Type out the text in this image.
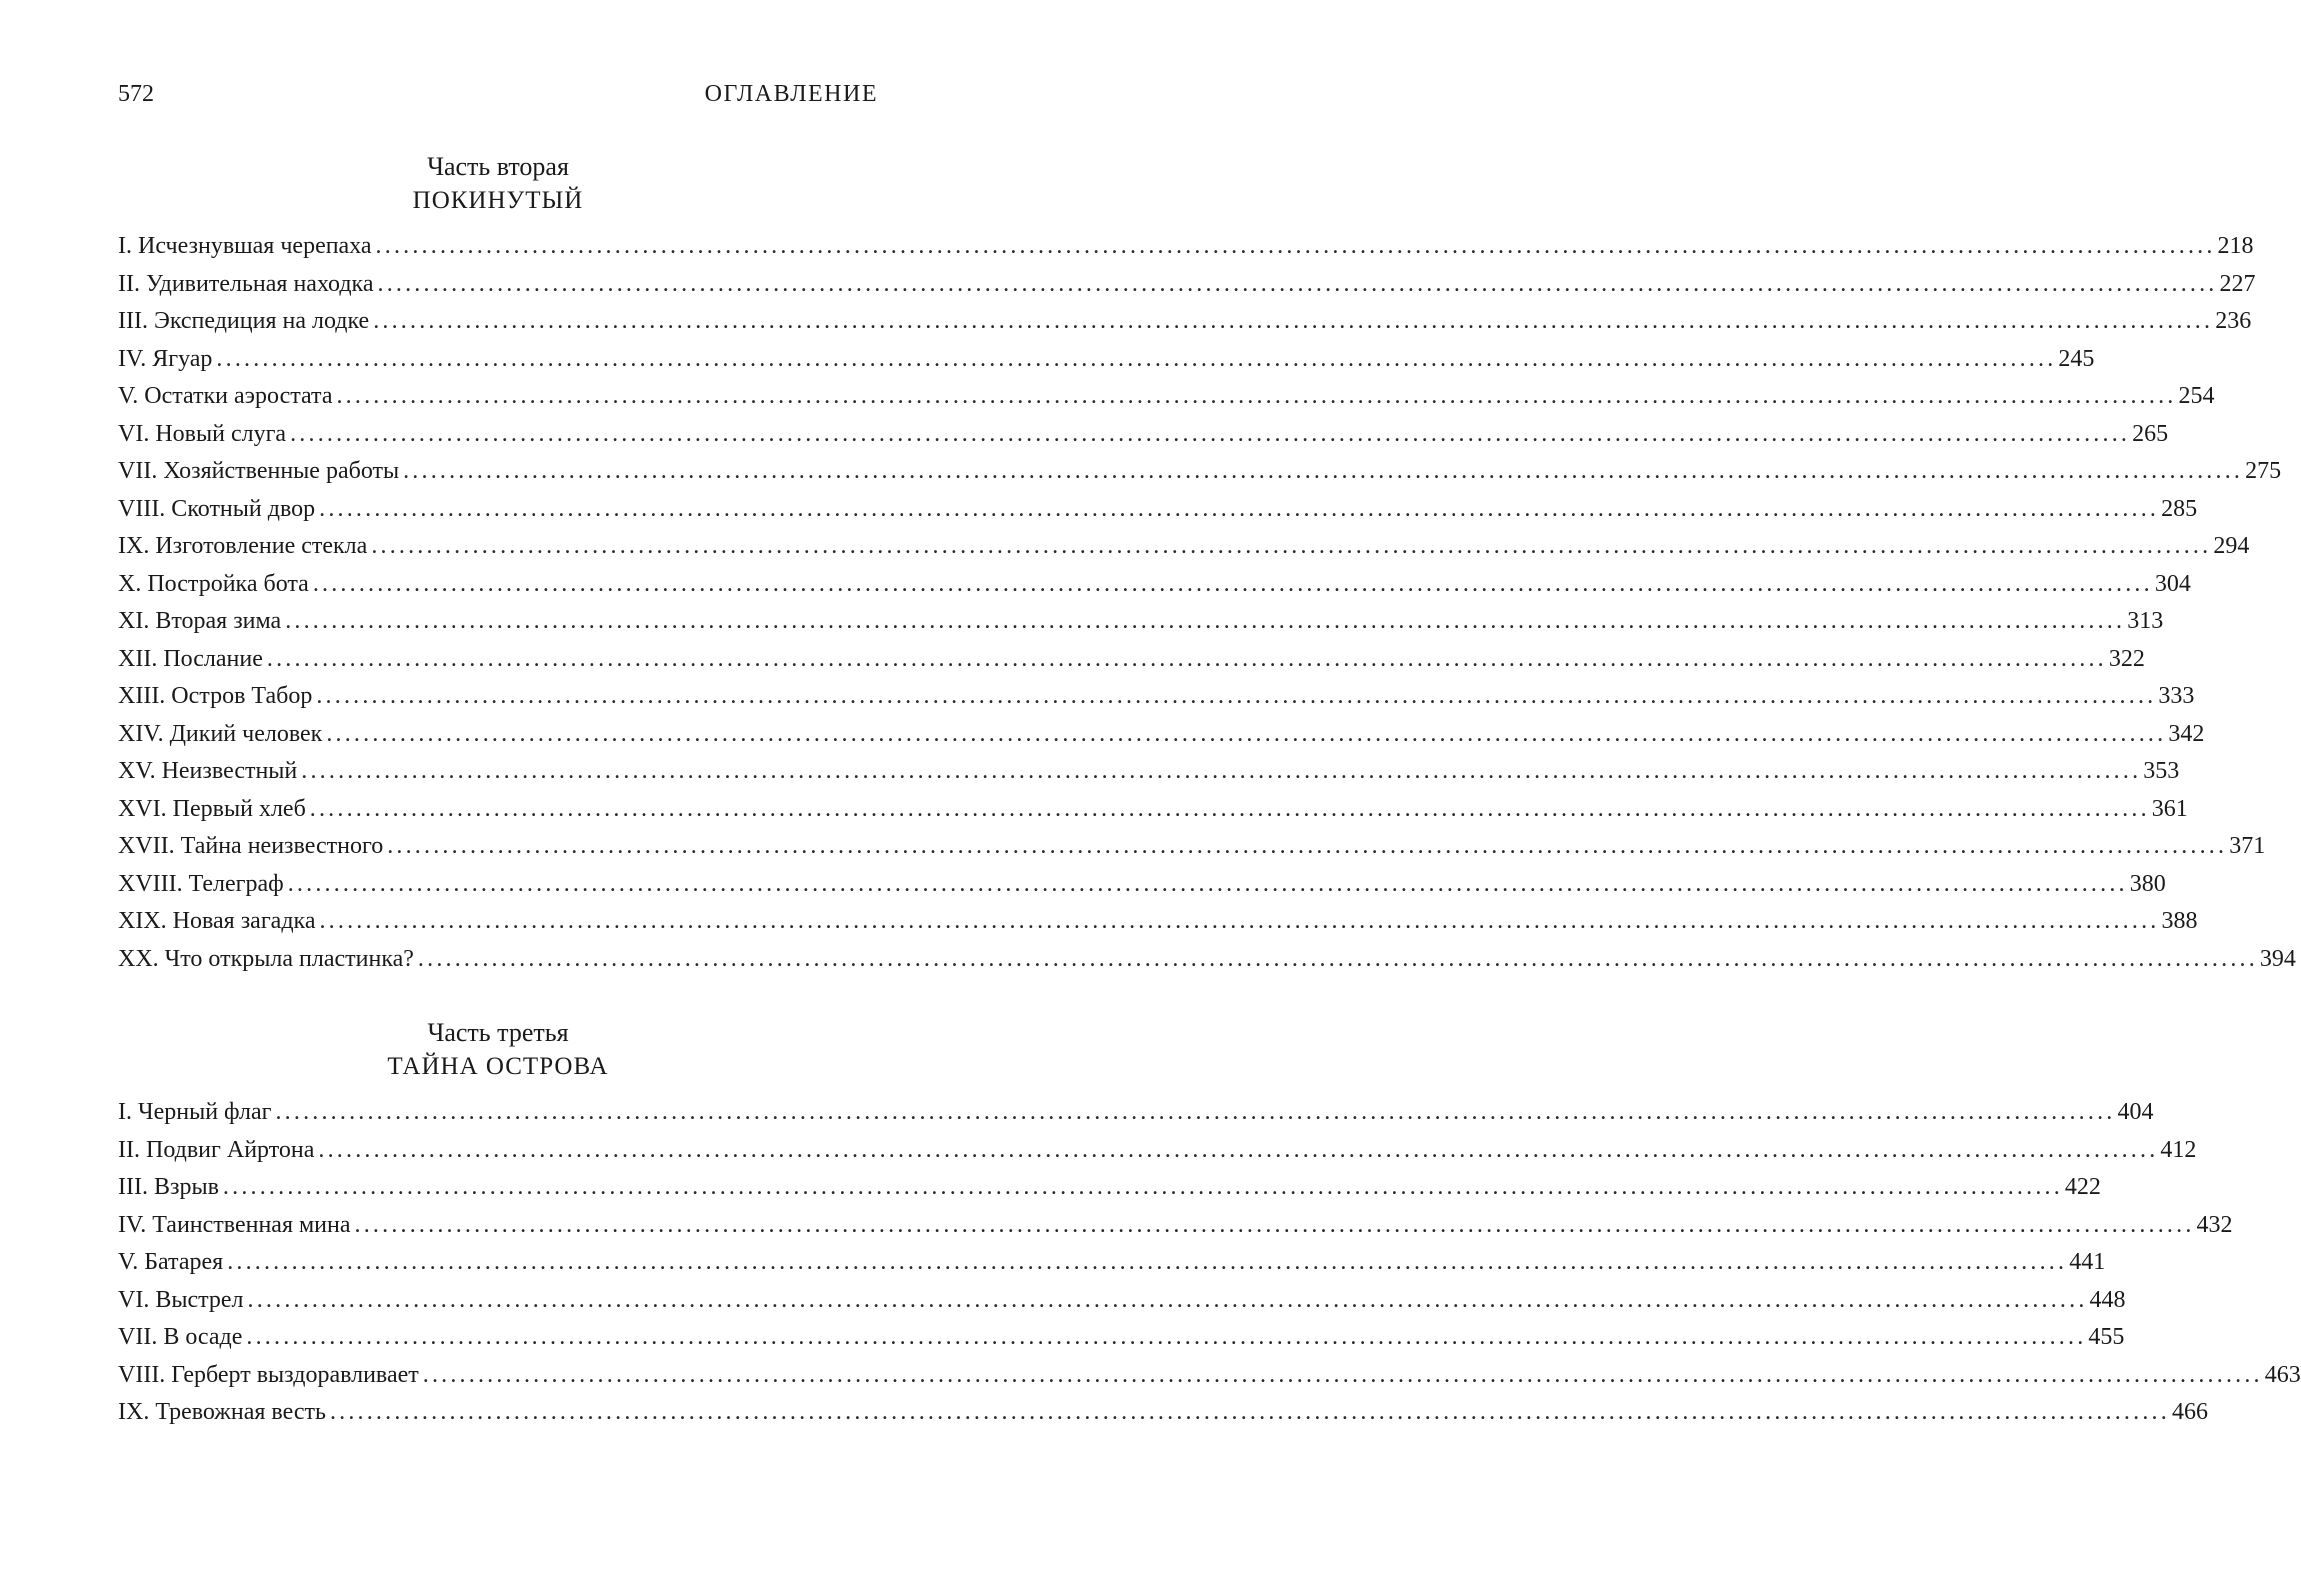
572	ОГЛАВЛЕНИЕ
Часть вторая
ПОКИНУТЫЙ
I. Исчезнувшая черепаха ........................................................................................................................................................................................................ 218
II. Удивительная находка ........................................................................................................................................................................................................ 227
III. Экспедиция на лодке ........................................................................................................................................................................................................ 236
IV. Ягуар ........................................................................................................................................................................................................ 245
V. Остатки аэростата ........................................................................................................................................................................................................ 254
VI. Новый слуга ........................................................................................................................................................................................................ 265
VII. Хозяйственные работы ........................................................................................................................................................................................................ 275
VIII. Скотный двор ........................................................................................................................................................................................................ 285
IX. Изготовление стекла ........................................................................................................................................................................................................ 294
X. Постройка бота ........................................................................................................................................................................................................ 304
XI. Вторая зима ........................................................................................................................................................................................................ 313
XII. Послание ........................................................................................................................................................................................................ 322
XIII. Остров Табор ........................................................................................................................................................................................................ 333
XIV. Дикий человек ........................................................................................................................................................................................................ 342
XV. Неизвестный ........................................................................................................................................................................................................ 353
XVI. Первый хлеб ........................................................................................................................................................................................................ 361
XVII. Тайна неизвестного ........................................................................................................................................................................................................ 371
XVIII. Телеграф ........................................................................................................................................................................................................ 380
XIX. Новая загадка ........................................................................................................................................................................................................ 388
XX. Что открыла пластинка? ........................................................................................................................................................................................................ 394
Часть третья
ТАЙНА ОСТРОВА
I. Черный флаг ........................................................................................................................................................................................................ 404
II. Подвиг Айртона ........................................................................................................................................................................................................ 412
III. Взрыв ........................................................................................................................................................................................................ 422
IV. Таинственная мина ........................................................................................................................................................................................................ 432
V. Батарея ........................................................................................................................................................................................................ 441
VI. Выстрел ........................................................................................................................................................................................................ 448
VII. В осаде ........................................................................................................................................................................................................ 455
VIII. Герберт выздоравливает ........................................................................................................................................................................................................ 463
IX. Тревожная весть ........................................................................................................................................................................................................ 466
